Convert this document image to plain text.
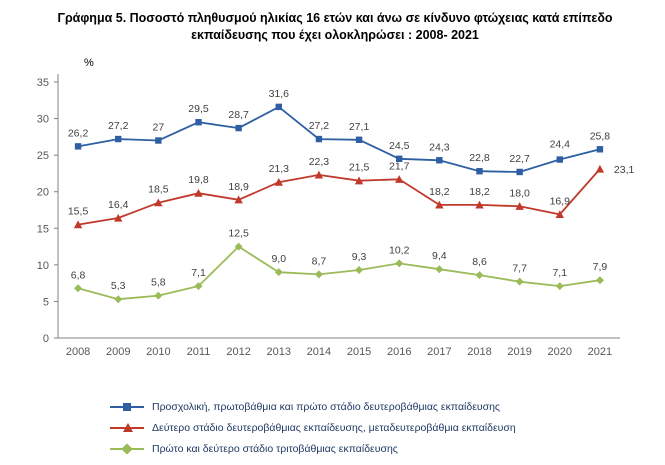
Γράφημα 5. Ποσοστό πληθυσμού ηλικίας 16 ετών και άνω σε κίνδυνο φτώχειας κατά επίπεδο
εκπαίδευσης που έχει ολοκληρώσει : 2008- 2021
%
0
5
10
15
20
25
30
35
2008 2009 2010 2011 2012 2013 2014 2015 2016 2017 2018 2019 2020 2021
26,2
27,2 27
29,5 28,7
31,6
27,2 27,1
24,5 24,3
22,8 22,7
24,4
25,8
15,5
16,4
18,5
19,8
18,9
21,3
22,3 21,5 21,7
18,2 18,2 18,0
16,9
23,1
6,8
5,3 5,8
7,1
12,5
9,0 8,7 9,3
10,2 9,4 8,6
7,7 7,1 7,9
Προσχολική, πρωτοβάθμια και πρώτο στάδιο δευτεροβάθμιας εκπαίδευσης
Δεύτερο στάδιο δευτεροβάθμιας εκπαίδευσης, μεταδευτεροβάθμια εκπαίδευση
Πρώτο και δεύτερο στάδιο τριτοβάθμιας εκπαίδευσης
